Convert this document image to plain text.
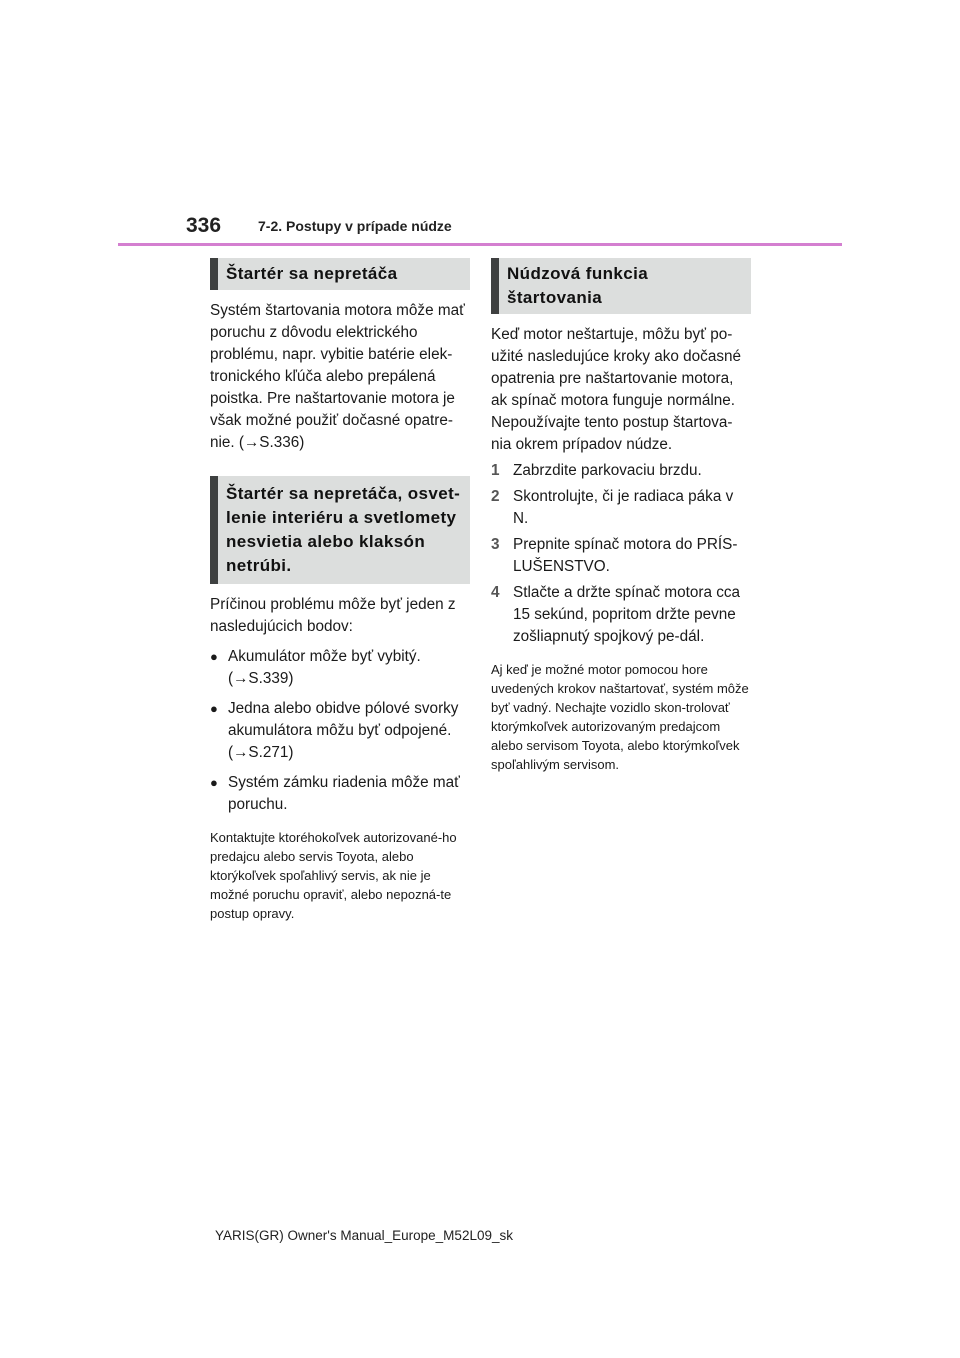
336	7-2. Postupy v prípade núdze
Štartér sa nepretáča

Systém štartovania motora môže mať poruchu z dôvodu elektrického problému, napr. vybitie batérie elek-tronického kľúča alebo prepálená poistka. Pre naštartovanie motora je však možné použiť dočasné opatre-nie. (→S.336)

Štartér sa nepretáča, osvet-lenie interiéru a svetlomety nesvietia alebo klaksón netrúbi.

Príčinou problému môže byť jeden z nasledujúcich bodov:

● Akumulátor môže byť vybitý. (→S.339)
● Jedna alebo obidve pólové svorky akumulátora môžu byť odpojené. (→S.271)
● Systém zámku riadenia môže mať poruchu.

Kontaktujte ktoréhokoľvek autorizované-ho predajcu alebo servis Toyota, alebo ktorýkoľvek spoľahlivý servis, ak nie je možné poruchu opraviť, alebo nepozná-te postup opravy.

Núdzová funkcia štartovania

Keď motor neštartuje, môžu byť po-užité nasledujúce kroky ako dočasné opatrenia pre naštartovanie motora, ak spínač motora funguje normálne. Nepoužívajte tento postup štartova-nia okrem prípadov núdze.

1 Zabrzdite parkovaciu brzdu.
2 Skontrolujte, či je radiaca páka v N.
3 Prepnite spínač motora do PRÍS-LUŠENSTVO.
4 Stlačte a držte spínač motora cca 15 sekúnd, popritom držte pevne zošliapnutý spojkový pe-dál.

Aj keď je možné motor pomocou hore uvedených krokov naštartovať, systém môže byť vadný. Nechajte vozidlo skon-trolovať ktorýmkoľvek autorizovaným predajcom alebo servisom Toyota, alebo ktorýmkoľvek spoľahlivým servisom.

YARIS(GR) Owner's Manual_Europe_M52L09_sk
